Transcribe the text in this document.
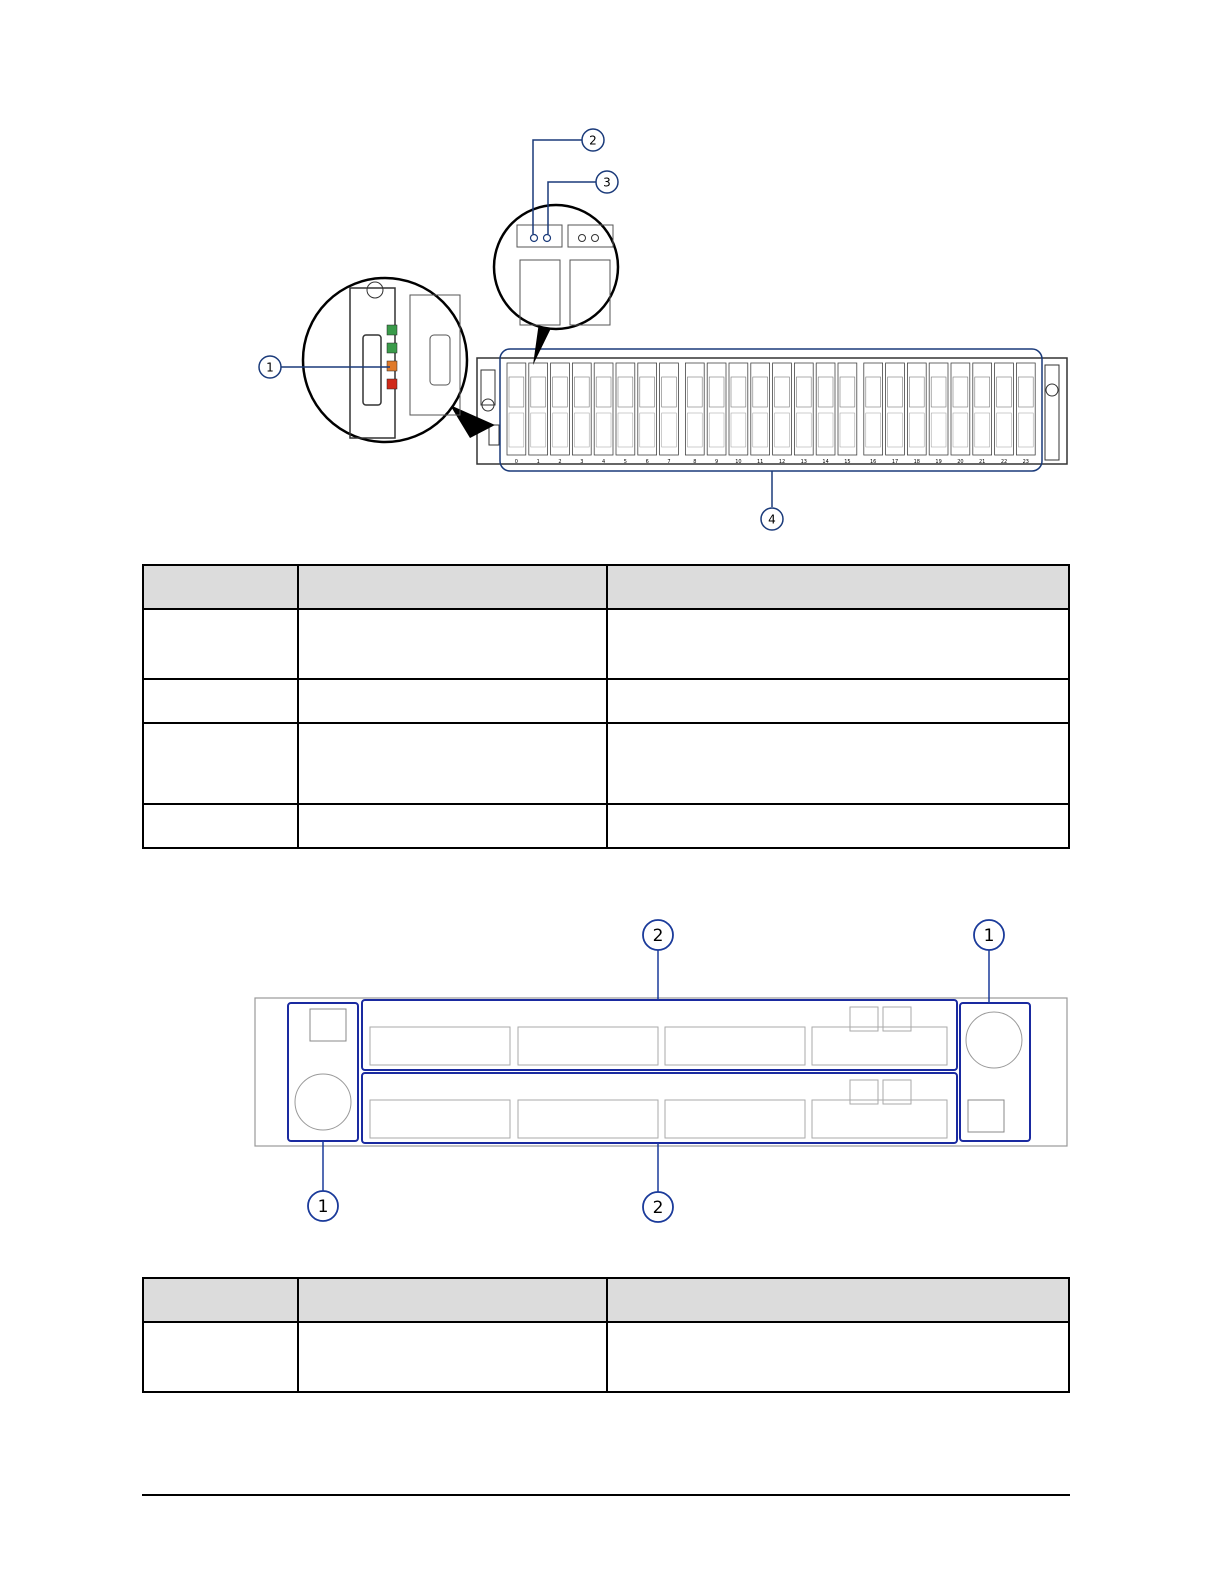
0	1	2	3	4	5	6	7	8	9	10	11	12	13	14	15	16	17	18	19	20	21	22	23
4
1
2
3

2	1
1	2
